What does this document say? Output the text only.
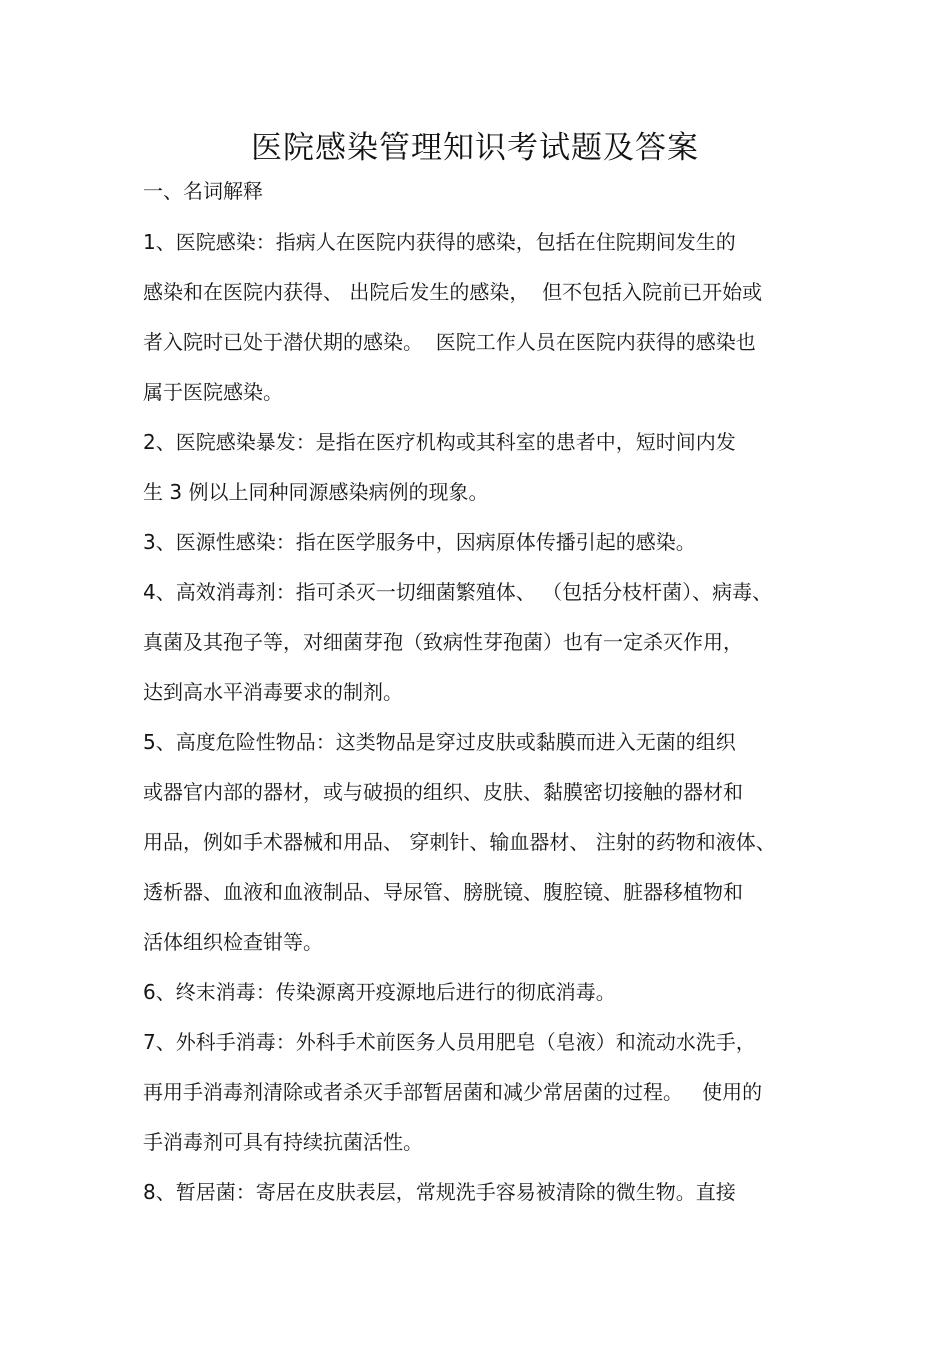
医院感染管理知识考试题及答案
一、名词解释
1、医院感染：指病人在医院内获得的感染，包括在住院期间发生的
感染和在医院内获得、 出院后发生的感染，  但不包括入院前已开始或
者入院时已处于潜伏期的感染。  医院工作人员在医院内获得的感染也
属于医院感染。
2、医院感染暴发：是指在医疗机构或其科室的患者中，短时间内发
生 3 例以上同种同源感染病例的现象。
3、医源性感染：指在医学服务中，因病原体传播引起的感染。
4、高效消毒剂：指可杀灭一切细菌繁殖体、 （包括分枝杆菌）、病毒、
真菌及其孢子等，对细菌芽孢（致病性芽孢菌）也有一定杀灭作用，
达到高水平消毒要求的制剂。
5、高度危险性物品：这类物品是穿过皮肤或黏膜而进入无菌的组织
或器官内部的器材，或与破损的组织、皮肤、黏膜密切接触的器材和
用品，例如手术器械和用品、 穿刺针、输血器材、 注射的药物和液体、
透析器、血液和血液制品、导尿管、膀胱镜、腹腔镜、脏器移植物和
活体组织检查钳等。
6、终末消毒：传染源离开疫源地后进行的彻底消毒。
7、外科手消毒：外科手术前医务人员用肥皂（皂液）和流动水洗手，
再用手消毒剂清除或者杀灭手部暂居菌和减少常居菌的过程。   使用的
手消毒剂可具有持续抗菌活性。
8、暂居菌：寄居在皮肤表层，常规洗手容易被清除的微生物。直接
